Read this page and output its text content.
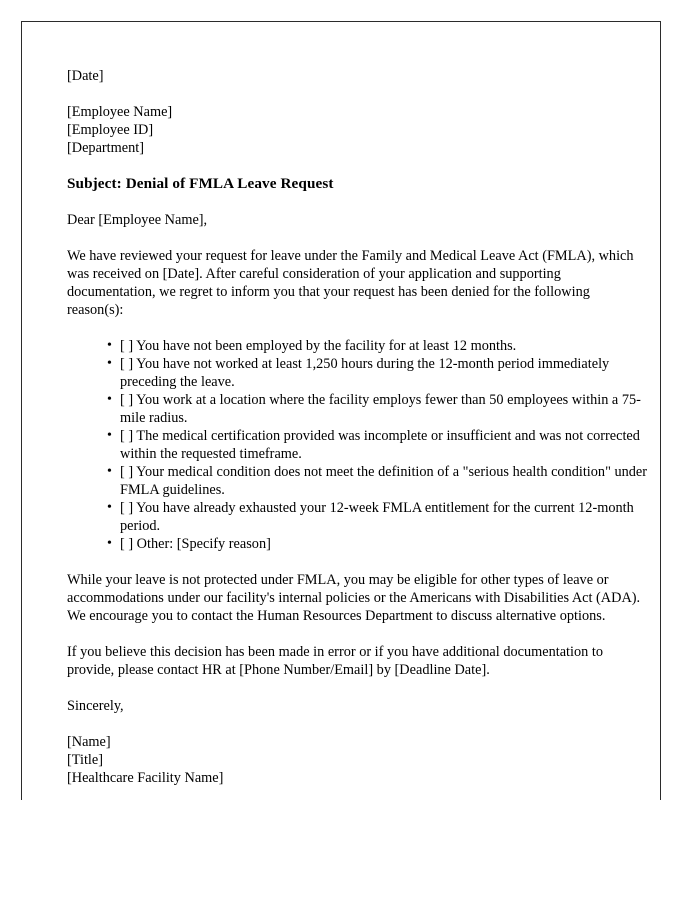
[Date]
[Employee Name]
[Employee ID]
[Department]
Subject: Denial of FMLA Leave Request

Dear [Employee Name],

We have reviewed your request for leave under the Family and Medical Leave Act (FMLA), which was received on [Date]. After careful consideration of your application and supporting documentation, we regret to inform you that your request has been denied for the following reason(s):

• [ ] You have not been employed by the facility for at least 12 months.
• [ ] You have not worked at least 1,250 hours during the 12-month period immediately preceding the leave.
• [ ] You work at a location where the facility employs fewer than 50 employees within a 75-mile radius.
• [ ] The medical certification provided was incomplete or insufficient and was not corrected within the requested timeframe.
• [ ] Your medical condition does not meet the definition of a "serious health condition" under FMLA guidelines.
• [ ] You have already exhausted your 12-week FMLA entitlement for the current 12-month period.
• [ ] Other: [Specify reason]

While your leave is not protected under FMLA, you may be eligible for other types of leave or accommodations under our facility's internal policies or the Americans with Disabilities Act (ADA). We encourage you to contact the Human Resources Department to discuss alternative options.

If you believe this decision has been made in error or if you have additional documentation to provide, please contact HR at [Phone Number/Email] by [Deadline Date].

Sincerely,

[Name]
[Title]
[Healthcare Facility Name]
